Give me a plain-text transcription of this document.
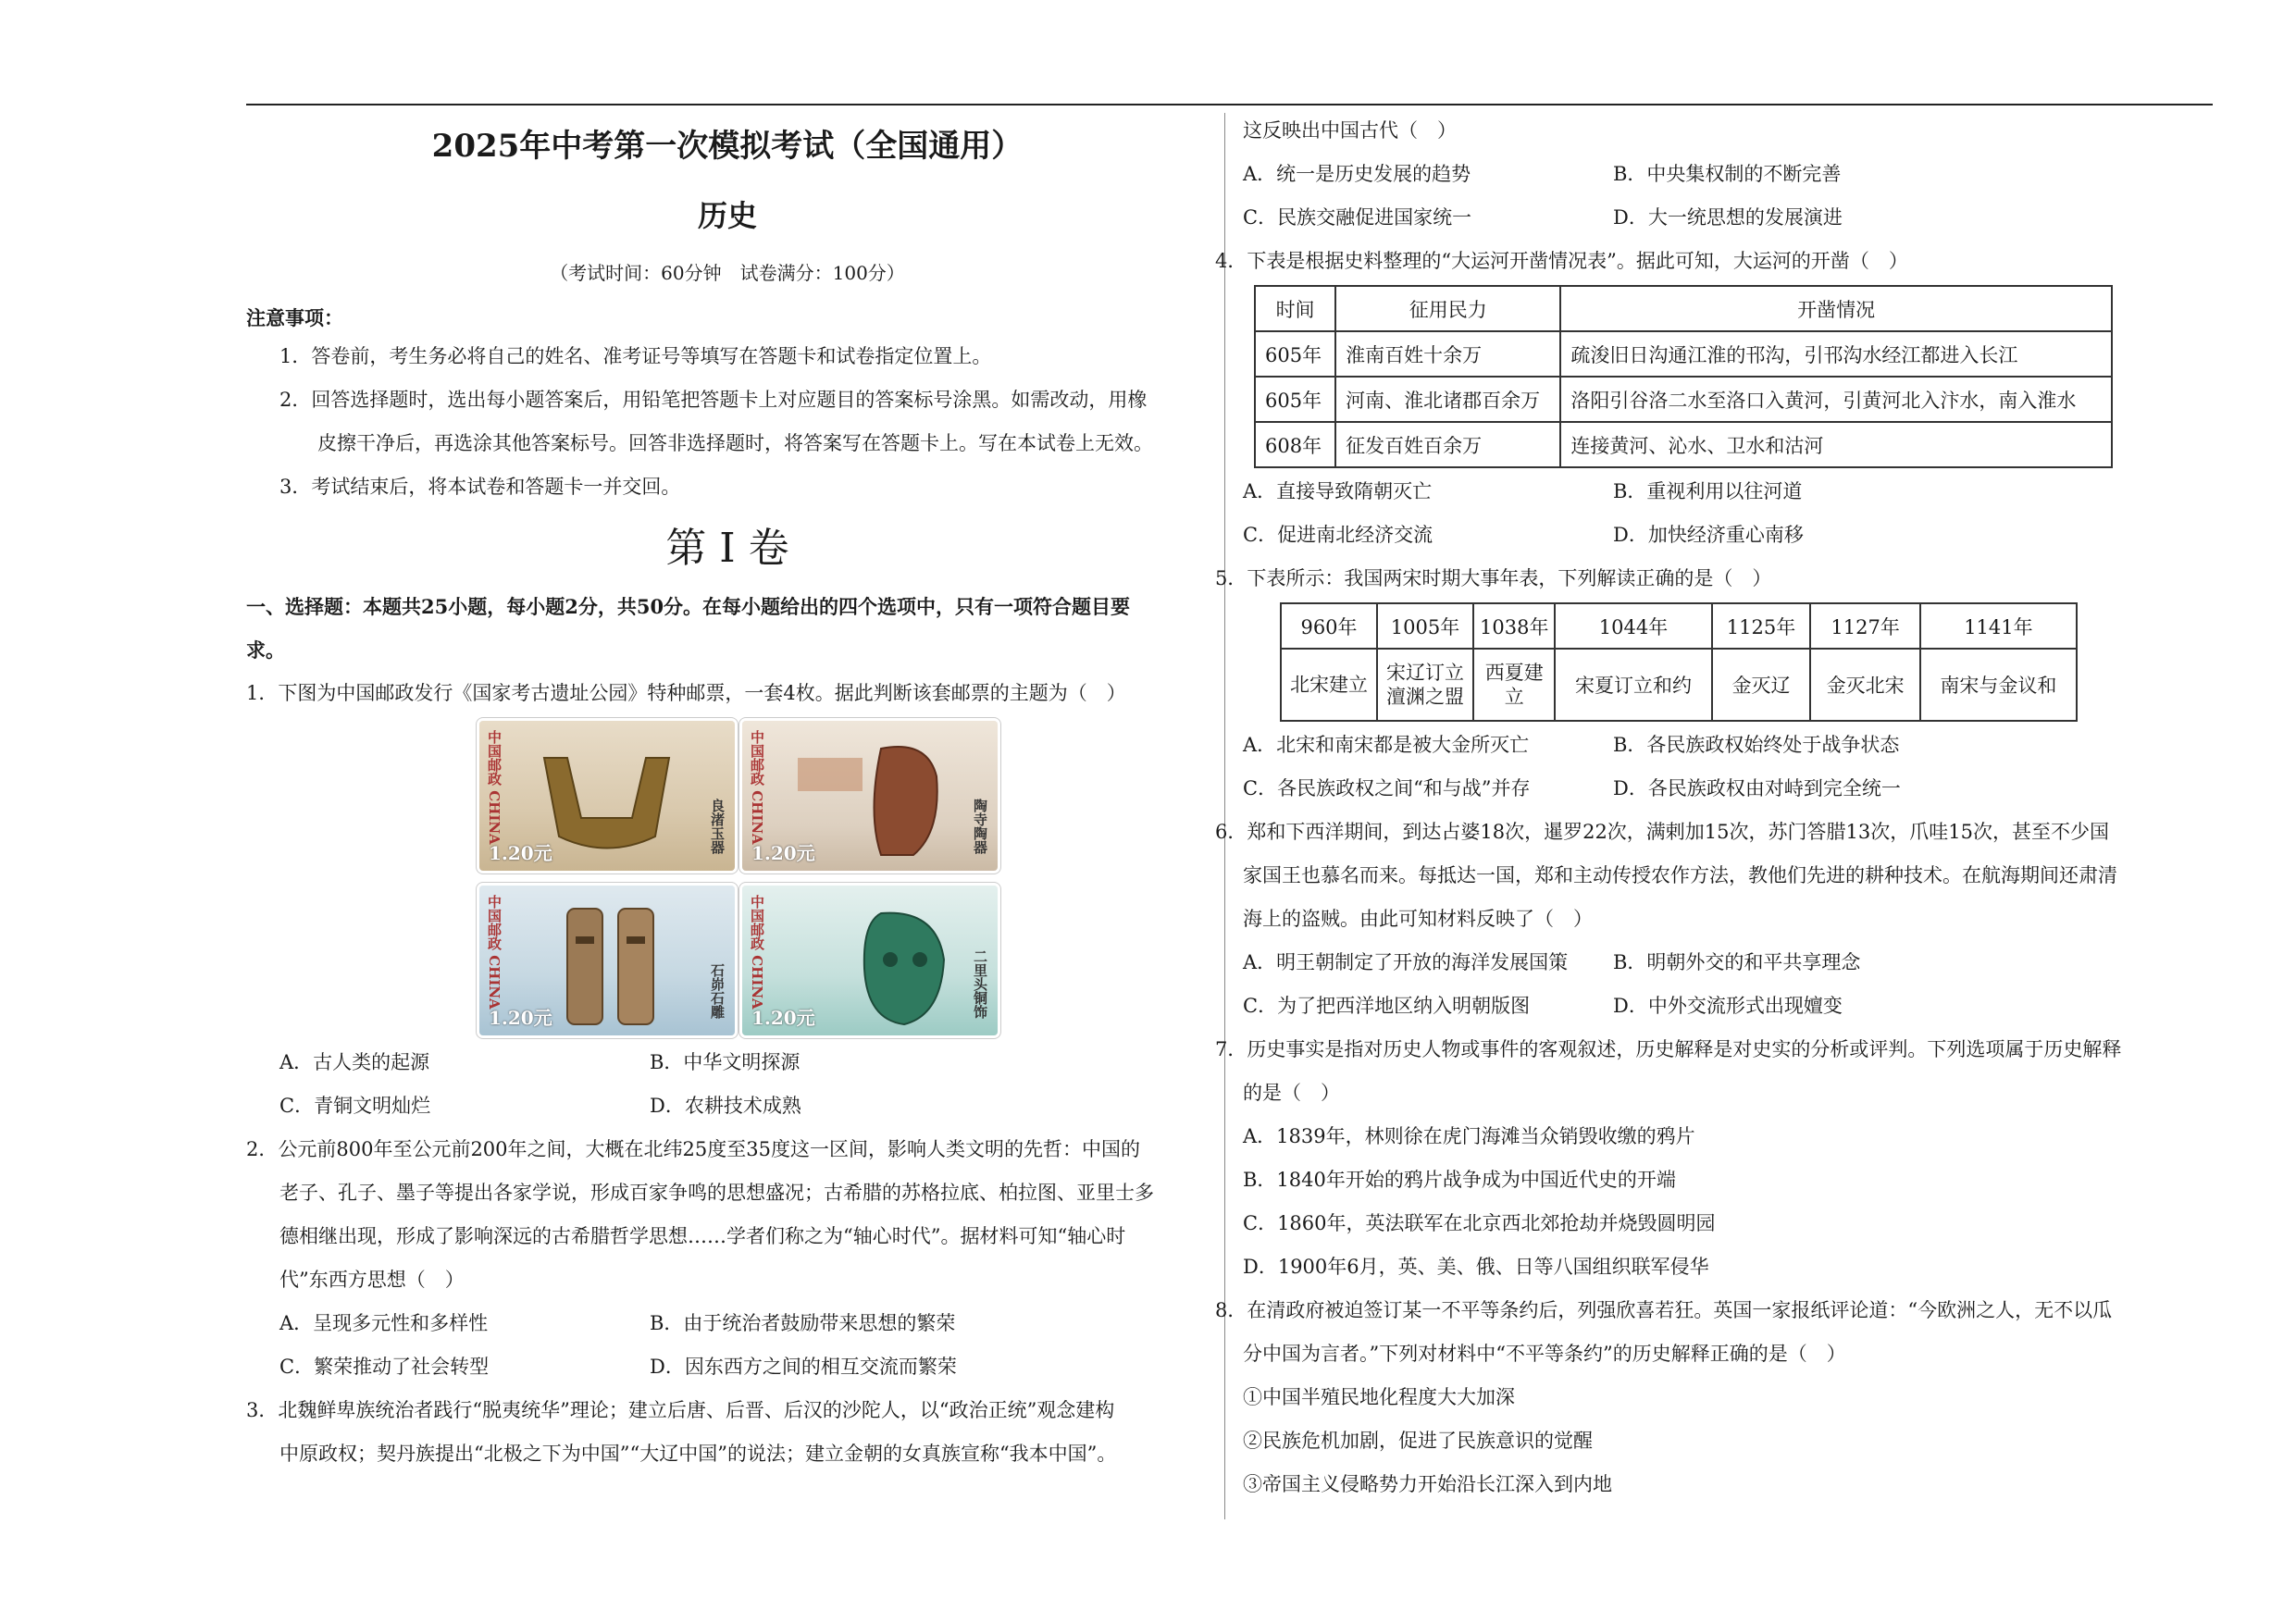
2025年中考第一次模拟考试（全国通用）
历史
（考试时间：60分钟　试卷满分：100分）
注意事项：
1．答卷前，考生务必将自己的姓名、准考证号等填写在答题卡和试卷指定位置上。
2．回答选择题时，选出每小题答案后，用铅笔把答题卡上对应题目的答案标号涂黑。如需改动，用橡
皮擦干净后，再选涂其他答案标号。回答非选择题时，将答案写在答题卡上。写在本试卷上无效。
3．考试结束后，将本试卷和答题卡一并交回。
第 I 卷
一、选择题：本题共25小题，每小题2分，共50分。在每小题给出的四个选项中，只有一项符合题目要
求。
1．下图为中国邮政发行《国家考古遗址公园》特种邮票，一套4枚。据此判断该套邮票的主题为（　）
中国邮政 CHINA
1.20元	良渚玉器 中国邮政 CHINA
1.20元	陶寺陶器
中国邮政 CHINA
1.20元	石峁石雕 中国邮政 CHINA
1.20元	二里头铜饰
A．古人类的起源	B．中华文明探源
C．青铜文明灿烂	D．农耕技术成熟
2．公元前800年至公元前200年之间，大概在北纬25度至35度这一区间，影响人类文明的先哲：中国的
老子、孔子、墨子等提出各家学说，形成百家争鸣的思想盛况；古希腊的苏格拉底、柏拉图、亚里士多
德相继出现，形成了影响深远的古希腊哲学思想……学者们称之为“轴心时代”。据材料可知“轴心时
代”东西方思想（　）
A．呈现多元性和多样性	B．由于统治者鼓励带来思想的繁荣
C．繁荣推动了社会转型	D．因东西方之间的相互交流而繁荣
3．北魏鲜卑族统治者践行“脱夷统华”理论；建立后唐、后晋、后汉的沙陀人，以“政治正统”观念建构
中原政权；契丹族提出“北极之下为中国”“大辽中国”的说法；建立金朝的女真族宣称“我本中国”。
这反映出中国古代（　）
A．统一是历史发展的趋势	B．中央集权制的不断完善
C．民族交融促进国家统一	D．大一统思想的发展演进
4．下表是根据史料整理的“大运河开凿情况表”。据此可知，大运河的开凿（　）
时间	征用民力	开凿情况
605年	淮南百姓十余万	疏浚旧日沟通江淮的邗沟，引邗沟水经江都进入长江
605年	河南、淮北诸郡百余万	洛阳引谷洛二水至洛口入黄河，引黄河北入汴水，南入淮水
608年	征发百姓百余万	连接黄河、沁水、卫水和沽河
A．直接导致隋朝灭亡	B．重视利用以往河道
C．促进南北经济交流	D．加快经济重心南移
5．下表所示：我国两宋时期大事年表，下列解读正确的是（　）
960年	1005年	1038年	1044年	1125年	1127年	1141年
北宋建立	宋辽订立澶渊之盟	西夏建立	宋夏订立和约	金灭辽	金灭北宋	南宋与金议和
A．北宋和南宋都是被大金所灭亡	B．各民族政权始终处于战争状态
C．各民族政权之间“和与战”并存	D．各民族政权由对峙到完全统一
6．郑和下西洋期间，到达占婆18次，暹罗22次，满剌加15次，苏门答腊13次，爪哇15次，甚至不少国
家国王也慕名而来。每抵达一国，郑和主动传授农作方法，教他们先进的耕种技术。在航海期间还肃清
海上的盗贼。由此可知材料反映了（　）
A．明王朝制定了开放的海洋发展国策	B．明朝外交的和平共享理念
C．为了把西洋地区纳入明朝版图	D．中外交流形式出现嬗变
7．历史事实是指对历史人物或事件的客观叙述，历史解释是对史实的分析或评判。下列选项属于历史解释
的是（　）
A．1839年，林则徐在虎门海滩当众销毁收缴的鸦片
B．1840年开始的鸦片战争成为中国近代史的开端
C．1860年，英法联军在北京西北郊抢劫并烧毁圆明园
D．1900年6月，英、美、俄、日等八国组织联军侵华
8．在清政府被迫签订某一不平等条约后，列强欣喜若狂。英国一家报纸评论道：“今欧洲之人，无不以瓜
分中国为言者。”下列对材料中“不平等条约”的历史解释正确的是（　）
①中国半殖民地化程度大大加深
②民族危机加剧，促进了民族意识的觉醒
③帝国主义侵略势力开始沿长江深入到内地
